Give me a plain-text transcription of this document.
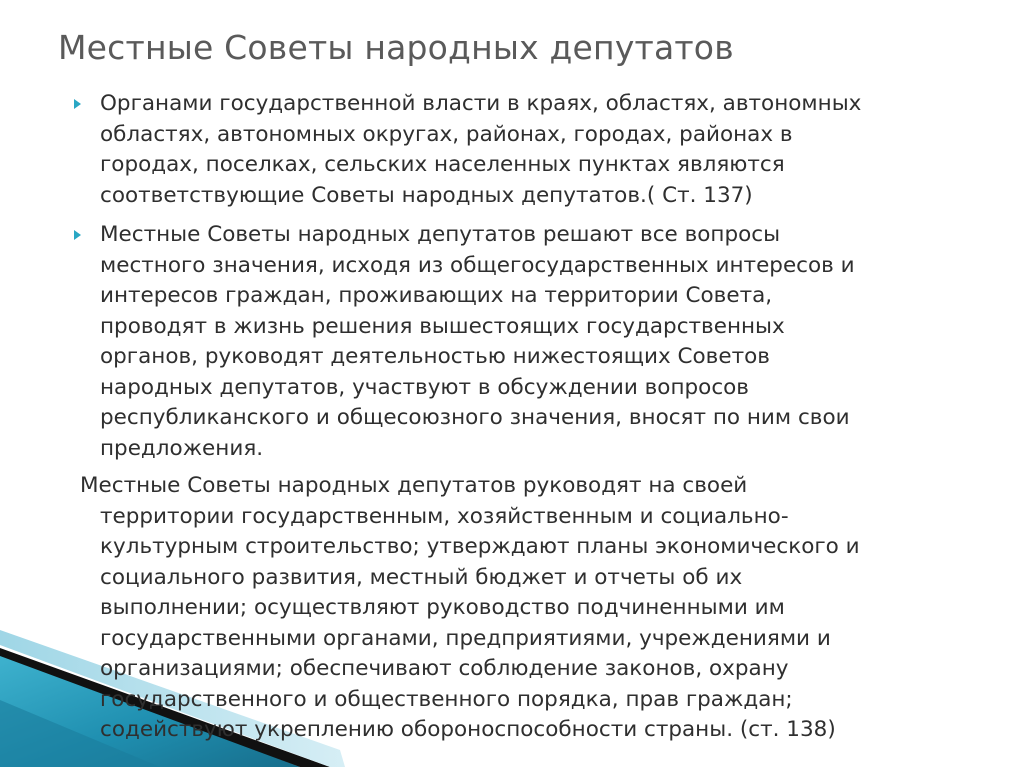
Местные Советы народных депутатов

Органами государственной власти в краях, областях, автономных
областях, автономных округах, районах, городах, районах в
городах, поселках, сельских населенных пунктах являются
соответствующие Советы народных депутатов.( Ст. 137)

Местные Советы народных депутатов решают все вопросы
местного значения, исходя из общегосударственных интересов и
интересов граждан, проживающих на территории Совета,
проводят в жизнь решения вышестоящих государственных
органов, руководят деятельностью нижестоящих Советов
народных депутатов, участвуют в обсуждении вопросов
республиканского и общесоюзного значения, вносят по ним свои
предложения.

Местные Советы народных депутатов руководят на своей
территории государственным, хозяйственным и социально-
культурным строительство; утверждают планы экономического и
социального развития, местный бюджет и отчеты об их
выполнении; осуществляют руководство подчиненными им
государственными органами, предприятиями, учреждениями и
организациями; обеспечивают соблюдение законов, охрану
государственного и общественного порядка, прав граждан;
содействуют укреплению обороноспособности страны. (ст. 138)
